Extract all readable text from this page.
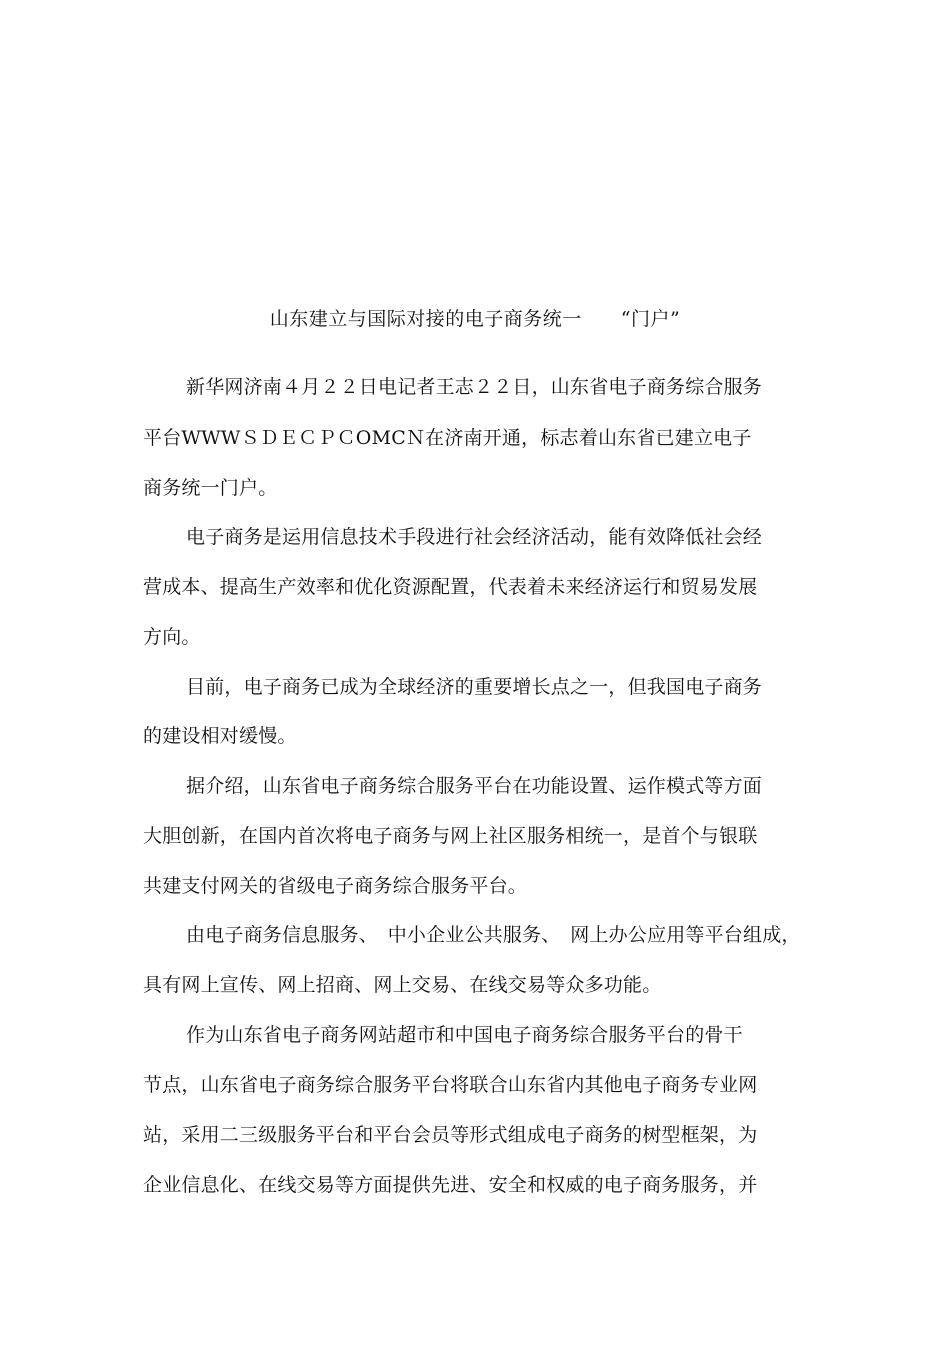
山东建立与国际对接的电子商务统一　　“门户”
新华网济南４月２２日电记者王志２２日，山东省电子商务综合服务
平台WWWＳＤＥＣＰＣOMCＮ在济南开通，标志着山东省已建立电子
商务统一门户。
电子商务是运用信息技术手段进行社会经济活动，能有效降低社会经
营成本、提高生产效率和优化资源配置，代表着未来经济运行和贸易发展
方向。
目前，电子商务已成为全球经济的重要增长点之一，但我国电子商务
的建设相对缓慢。
据介绍，山东省电子商务综合服务平台在功能设置、运作模式等方面
大胆创新，在国内首次将电子商务与网上社区服务相统一，是首个与银联
共建支付网关的省级电子商务综合服务平台。
由电子商务信息服务、　中小企业公共服务、　网上办公应用等平台组成，
具有网上宣传、网上招商、网上交易、在线交易等众多功能。
作为山东省电子商务网站超市和中国电子商务综合服务平台的骨干
节点，山东省电子商务综合服务平台将联合山东省内其他电子商务专业网
站，采用二三级服务平台和平台会员等形式组成电子商务的树型框架，为
企业信息化、在线交易等方面提供先进、安全和权威的电子商务服务，并
